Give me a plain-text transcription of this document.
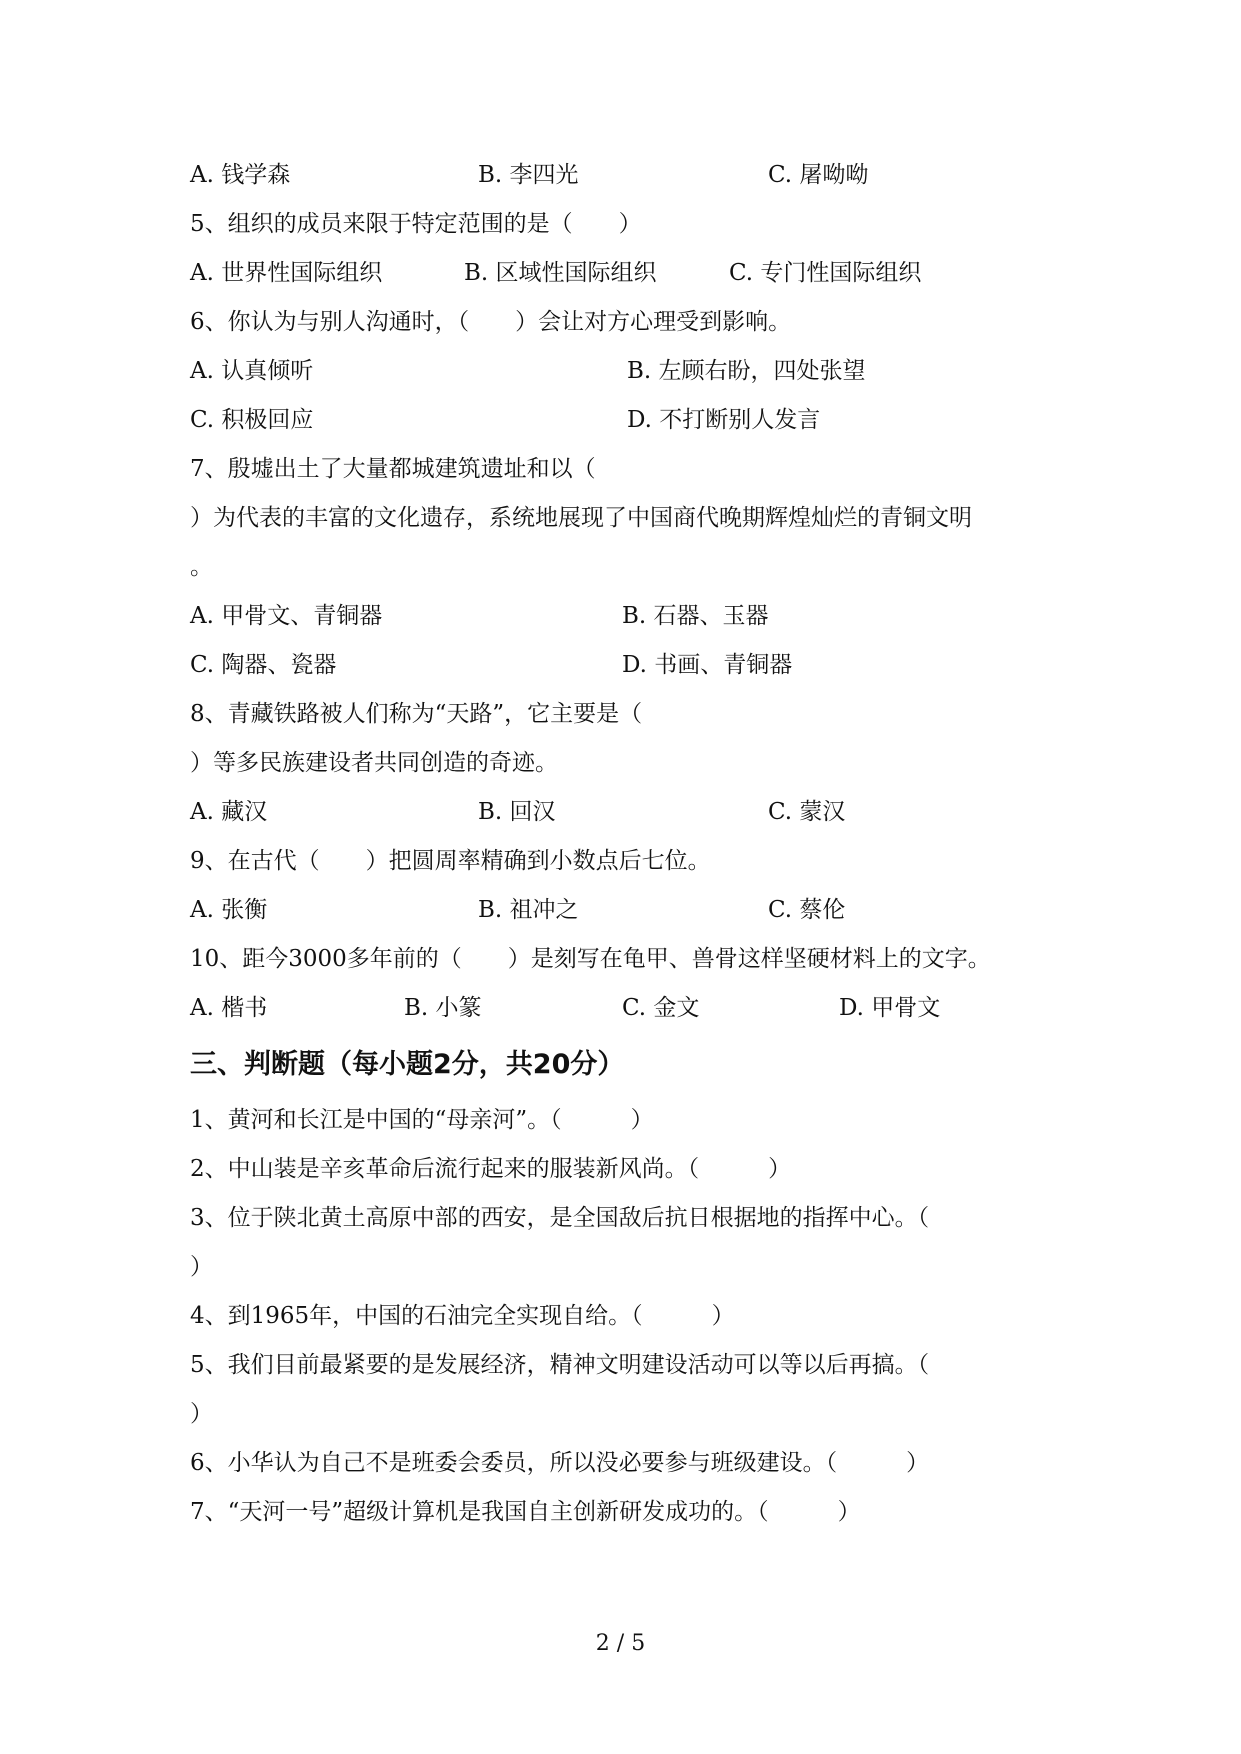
A. 钱学森	B. 李四光	C. 屠呦呦
5、组织的成员来限于特定范围的是（　　）
A. 世界性国际组织	B. 区域性国际组织	C. 专门性国际组织
6、你认为与别人沟通时，（　　）会让对方心理受到影响。
A. 认真倾听	B. 左顾右盼，四处张望
C. 积极回应	D. 不打断别人发言
7、殷墟出土了大量都城建筑遗址和以（
）为代表的丰富的文化遗存，系统地展现了中国商代晚期辉煌灿烂的青铜文明
。
A. 甲骨文、青铜器	B. 石器、玉器
C. 陶器、瓷器	D. 书画、青铜器
8、青藏铁路被人们称为“天路”，它主要是（
）等多民族建设者共同创造的奇迹。
A. 藏汉	B. 回汉	C. 蒙汉
9、在古代（　　）把圆周率精确到小数点后七位。
A. 张衡	B. 祖冲之	C. 蔡伦
10、距今3000多年前的（　　）是刻写在龟甲、兽骨这样坚硬材料上的文字。
A. 楷书	B. 小篆	C. 金文	D. 甲骨文
三、判断题（每小题2分，共20分）
1、黄河和长江是中国的“母亲河”。（　　　）
2、中山装是辛亥革命后流行起来的服装新风尚。（　　　）
3、位于陕北黄土高原中部的西安，是全国敌后抗日根据地的指挥中心。（
）
4、到1965年，中国的石油完全实现自给。（　　　）
5、我们目前最紧要的是发展经济，精神文明建设活动可以等以后再搞。（
）
6、小华认为自己不是班委会委员，所以没必要参与班级建设。（　　　）
7、“天河一号”超级计算机是我国自主创新研发成功的。（　　　）
2 / 5
